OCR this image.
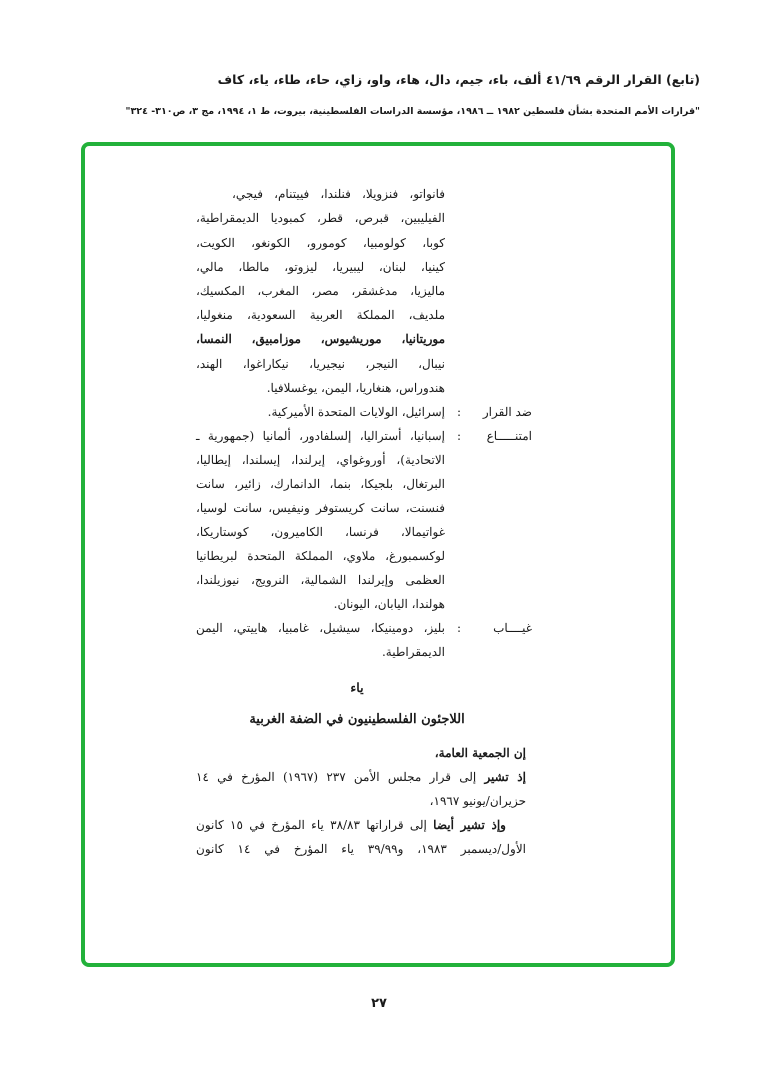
(تابع) القرار الرقم ٤١/٦٩ ألف، باء، جيم، دال، هاء، واو، زاي، حاء، طاء، ياء، كاف
"قرارات الأمم المتحدة بشأن فلسطين ١٩٨٢ ــ ١٩٨٦، مؤسسة الدراسات الفلسطينية، بيروت، ط ١، ١٩٩٤، مج ٣، ص٣١٠- ٣٢٤"
فانواتو، فنزويلا، فنلندا، فييتنام، فيجي،
الفيليبين، قبرص، قطر، كمبوديا الديمقراطية،
كوبا، كولومبيا، كومورو، الكونغو، الكويت،
كينيا، لبنان، ليبيريا، ليزوتو، مالطا، مالي،
ماليزيا، مدغشقر، مصر، المغرب، المكسيك،
ملديف، المملكة العربية السعودية، منغوليا،
موريتانيا، موريشيوس، موزامبيق، النمسا،
نيبال، النيجر، نيجيريا، نيكاراغوا، الهند،
هندوراس، هنغاريا، اليمن، يوغسلافيا.
ضد القرار
:
إسرائيل، الولايات المتحدة الأميركية.
امتنـــــاع
:
إسبانيا، أستراليا، إلسلفادور، ألمانيا (جمهورية ـ
الاتحادية)، أوروغواي، إيرلندا، إيسلندا، إيطاليا،
البرتغال، بلجيكا، بنما، الدانمارك، زائير، سانت
فنسنت، سانت كريستوفر ونيفيس، سانت لوسيا،
غواتيمالا، فرنسا، الكاميرون، كوستاريكا،
لوكسمبورغ، ملاوي، المملكة المتحدة لبريطانيا
العظمى وإيرلندا الشمالية، النرويج، نيوزيلندا،
هولندا، اليابان، اليونان.
غيــــاب
:
بليز، دومينيكا، سيشيل، غامبيا، هاييتي، اليمن
الديمقراطية.
ياء
اللاجئون الفلسطينيون في الضفة الغربية
إن الجمعية العامة،
إذ تشير إلى قرار مجلس الأمن ٢٣٧ (١٩٦٧) المؤرخ في ١٤
حزيران/يونيو ١٩٦٧،
وإذ تشير أيضا إلى قراراتها ٣٨/٨٣ ياء المؤرخ في ١٥ كانون
الأول/ديسمبر ١٩٨٣، و٣٩/٩٩ ياء المؤرخ في ١٤ كانون
٢٧
